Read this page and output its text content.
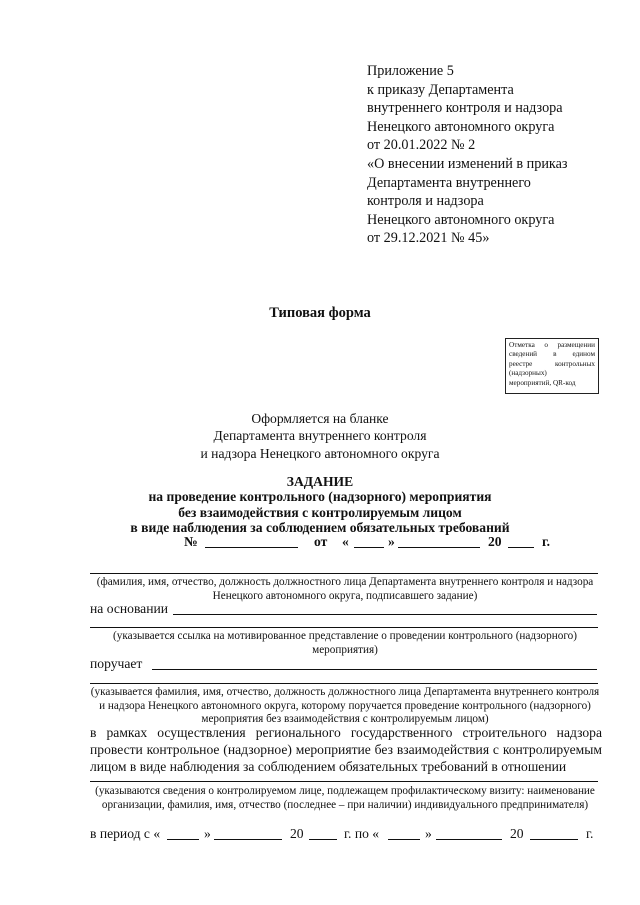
Приложение 5
к приказу Департамента
внутреннего контроля и надзора
Ненецкого автономного округа
от 20.01.2022 № 2
«О внесении изменений в приказ
Департамента внутреннего
контроля и надзора
Ненецкого автономного округа
от 29.12.2021 № 45»
Типовая форма
Отметка о размещении
сведений в едином
реестре контрольных
(надзорных)
мероприятий, QR-код
Оформляется на бланке
Департамента внутреннего контроля
и надзора Ненецкого автономного округа
ЗАДАНИЕ
на проведение контрольного (надзорного) мероприятия
без взаимодействия с контролируемым лицом
в виде наблюдения за соблюдением обязательных требований
№	от «	»	20	г.
(фамилия, имя, отчество, должность должностного лица Департамента внутреннего контроля и надзора Ненецкого автономного округа, подписавшего задание)
на основании
(указывается ссылка на мотивированное представление о проведении контрольного (надзорного) мероприятия)
поручает
(указывается фамилия, имя, отчество, должность должностного лица Департамента внутреннего контроля и надзора Ненецкого автономного округа, которому поручается проведение контрольного (надзорного) мероприятия без взаимодействия с контролируемым лицом)
в рамках осуществления регионального государственного строительного надзора провести контрольное (надзорное) мероприятие без взаимодействия с контролируемым лицом в виде наблюдения за соблюдением обязательных требований в отношении
(указываются сведения о контролируемом лице, подлежащем профилактическому визиту: наименование организации, фамилия, имя, отчество (последнее – при наличии) индивидуального предпринимателя)
в период с «	»	20	г. по «	»	20	г.
